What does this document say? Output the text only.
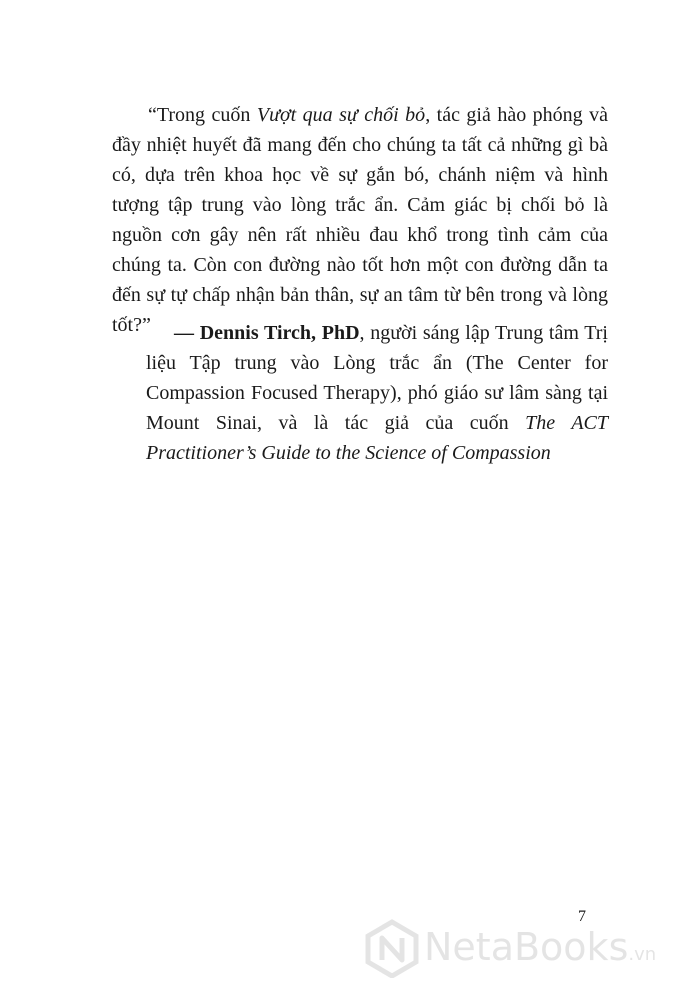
“Trong cuốn Vượt qua sự chối bỏ, tác giả hào phóng và đầy nhiệt huyết đã mang đến cho chúng ta tất cả những gì bà có, dựa trên khoa học về sự gắn bó, chánh niệm và hình tượng tập trung vào lòng trắc ẩn. Cảm giác bị chối bỏ là nguồn cơn gây nên rất nhiều đau khổ trong tình cảm của chúng ta. Còn con đường nào tốt hơn một con đường dẫn ta đến sự tự chấp nhận bản thân, sự an tâm từ bên trong và lòng tốt?”	— Dennis Tirch, PhD, người sáng lập Trung tâm Trị liệu Tập trung vào Lòng trắc ẩn (The Center for Compassion Focused Therapy), phó giáo sư lâm sàng tại Mount Sinai, và là tác giả của cuốn The ACT Practitioner’s Guide to the Science of Compassion

7
NetaBooks.vn
